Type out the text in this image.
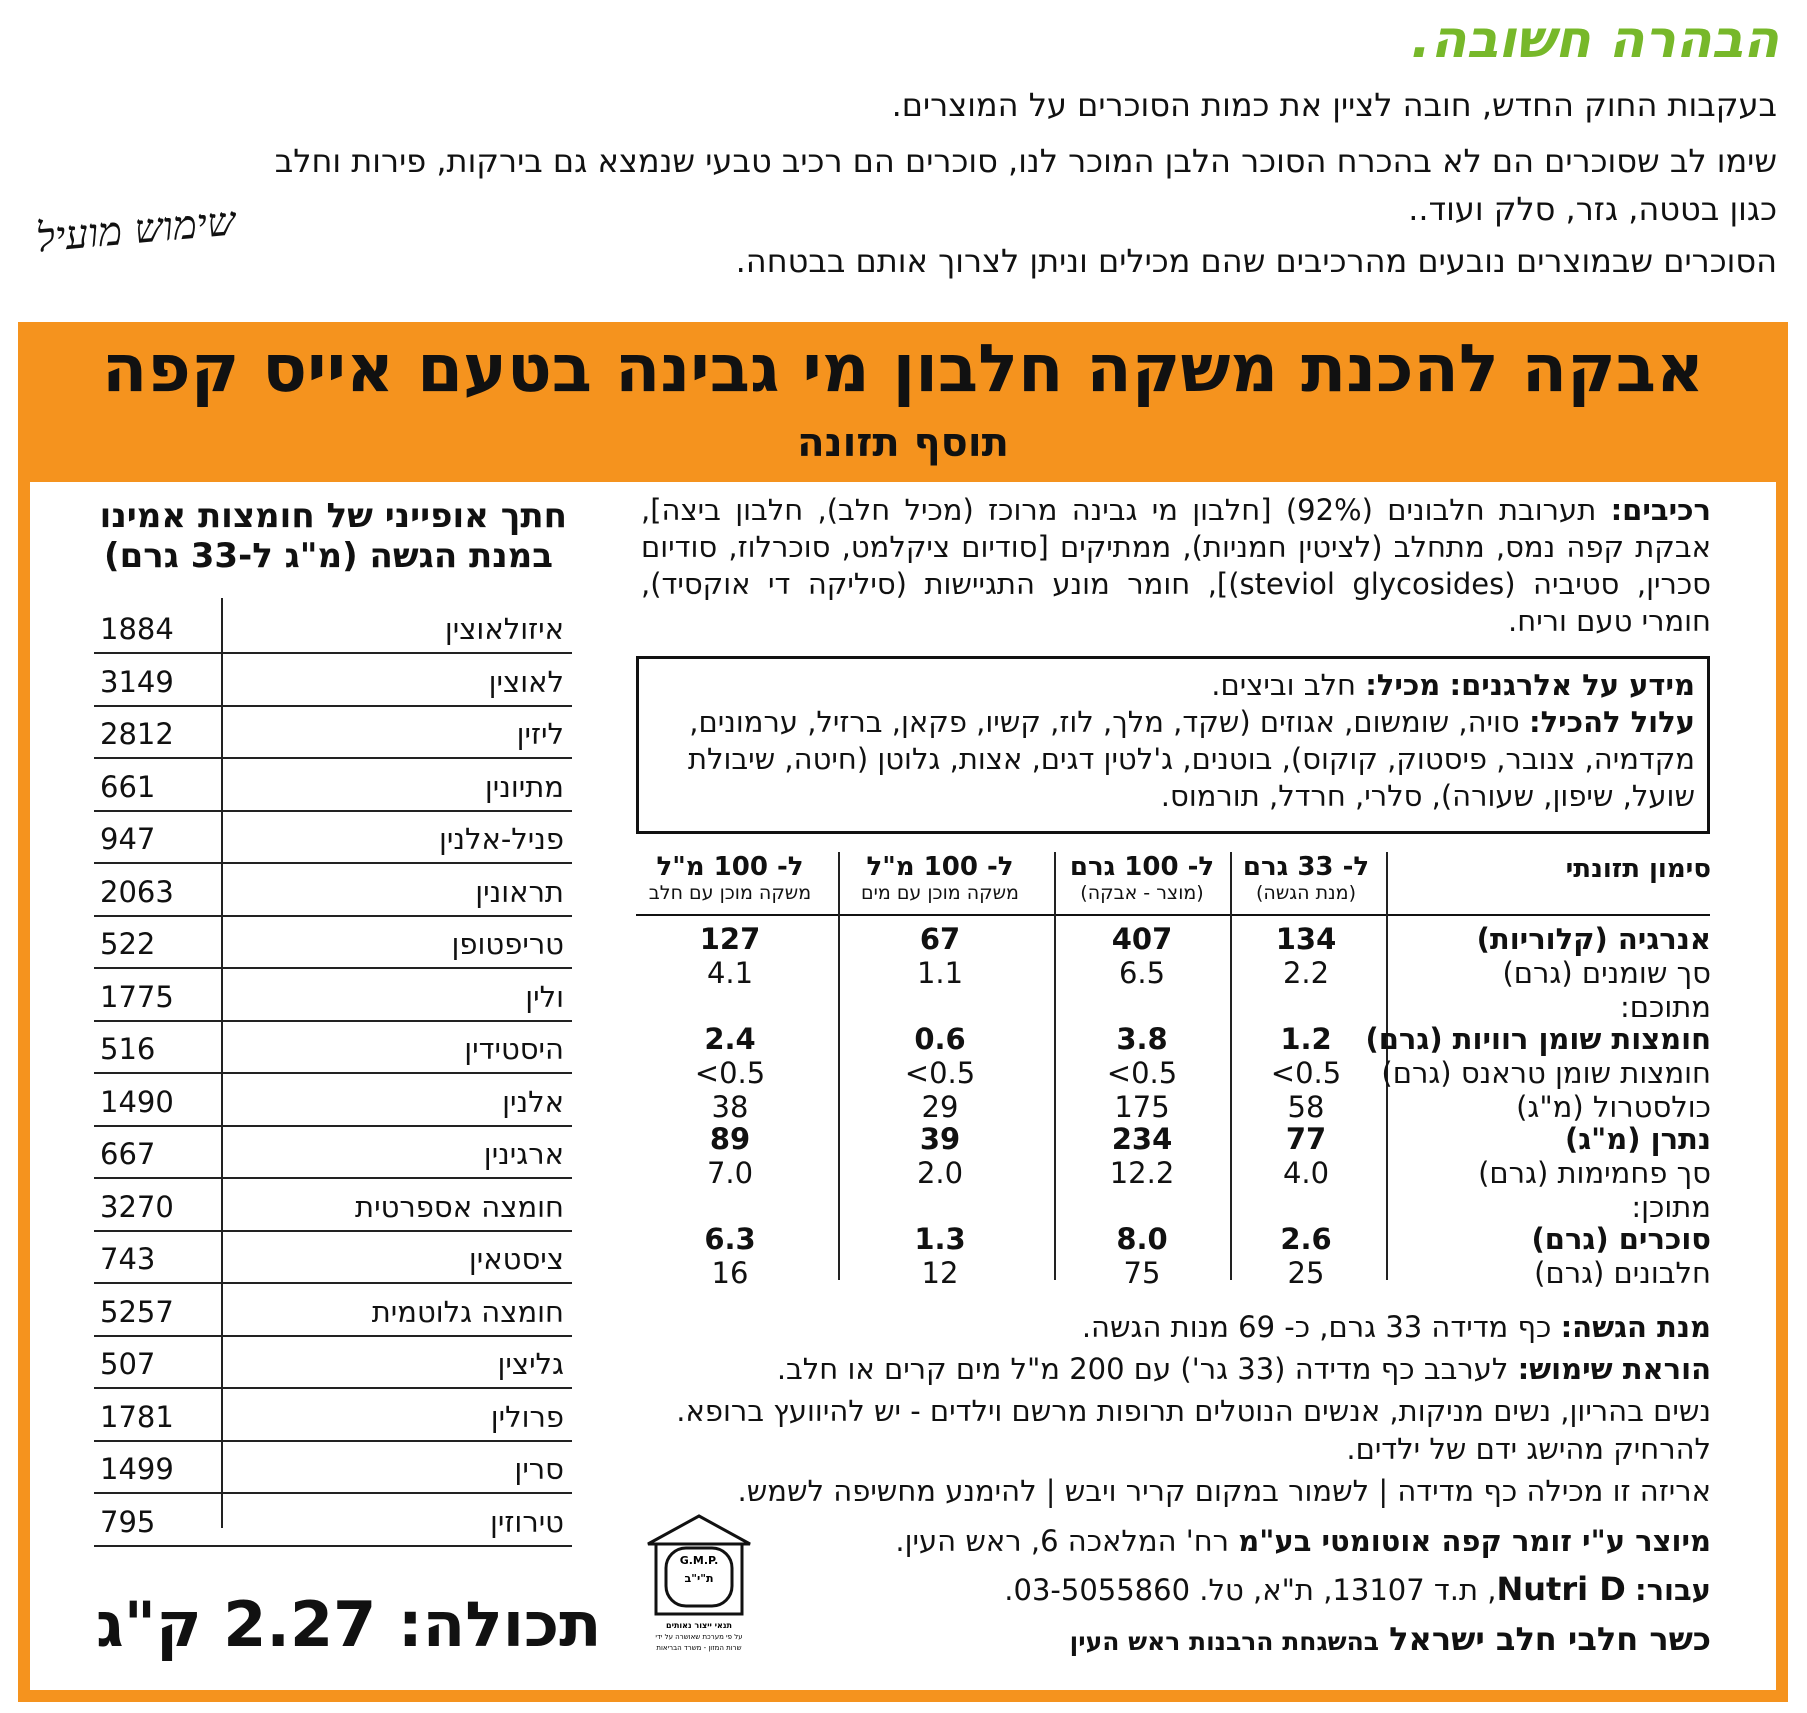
הבהרה חשובה.
בעקבות החוק החדש, חובה לציין את כמות הסוכרים על המוצרים.
שימו לב שסוכרים הם לא בהכרח הסוכר הלבן המוכר לנו, סוכרים הם רכיב טבעי שנמצא גם בירקות, פירות וחלב
כגון בטטה, גזר, סלק ועוד..
הסוכרים שבמוצרים נובעים מהרכיבים שהם מכילים וניתן לצרוך אותם בבטחה.
שימוש מועיל
אבקה להכנת משקה חלבון מי גבינה בטעם אייס קפה
תוסף תזונה
חתך אופייני של חומצות אמינו
במנת הגשה (מ"ג ל-33 גרם)
איזולאוצין
1884
לאוצין
3149
ליזין
2812
מתיונין
661
פניל-אלנין
947
תראונין
2063
טריפטופן
522
ולין
1775
היסטידין
516
אלנין
1490
ארגינין
667
חומצה אספרטית
3270
ציסטאין
743
חומצה גלוטמית
5257
גליצין
507
פרולין
1781
סרין
1499
טירוזין
795
תכולה: 2.27 ק"ג
רכיבים: תערובת חלבונים (92%) [חלבון מי גבינה מרוכז (מכיל חלב), חלבון ביצה], אבקת קפה נמס, מתחלב (לציטין חמניות), ממתיקים [סודיום ציקלמט, סוכרלוז, סודיום סכרין, סטיביה (steviol glycosides)], חומר מונע התגיישות (סיליקה די אוקסיד), חומרי טעם וריח.
מידע על אלרגנים: מכיל: חלב וביצים.
עלול להכיל: סויה, שומשום, אגוזים (שקד, מלך, לוז, קשיו, פקאן, ברזיל, ערמונים, מקדמיה, צנובר, פיסטוק, קוקוס), בוטנים, ג'לטין דגים, אצות, גלוטן (חיטה, שיבולת שועל, שיפון, שעורה), סלרי, חרדל, תורמוס.
סימון תזונתי
ל- 33 גרם
(מנת הגשה)
ל- 100 גרם
(מוצר - אבקה)
ל- 100 מ"ל
משקה מוכן עם מים
ל- 100 מ"ל
משקה מוכן עם חלב
אנרגיה (קלוריות)
134
407
67
127
סך שומנים (גרם)
2.2
6.5
1.1
4.1
מתוכם:
חומצות שומן רוויות (גרם)
1.2
3.8
0.6
2.4
חומצות שומן טראנס (גרם)
<0.5
<0.5
<0.5
<0.5
כולסטרול (מ"ג)
58
175
29
38
נתרן (מ"ג)
77
234
39
89
סך פחמימות (גרם)
4.0
12.2
2.0
7.0
מתוכן:
סוכרים (גרם)
2.6
8.0
1.3
6.3
חלבונים (גרם)
25
75
12
16
מנת הגשה: כף מדידה 33 גרם, כ- 69 מנות הגשה.
הוראת שימוש: לערבב כף מדידה (33 גר') עם 200 מ"ל מים קרים או חלב.
נשים בהריון, נשים מניקות, אנשים הנוטלים תרופות מרשם וילדים - יש להיוועץ ברופא.
להרחיק מהישג ידם של ילדים.
אריזה זו מכילה כף מדידה | לשמור במקום קריר ויבש | להימנע מחשיפה לשמש.
מיוצר ע"י זומר קפה אוטומטי בע"מ רח' המלאכה 6, ראש העין.
עבור: Nutri D, ת.ד 13107, ת"א, טל. 03-5055860.
כשר חלבי חלב ישראל בהשגחת הרבנות ראש העין
G.M.P.
ת"י"ב
תנאי ייצור נאותים
על פי מערכת שאושרה על ידי
שרות המזון - משרד הבריאות
